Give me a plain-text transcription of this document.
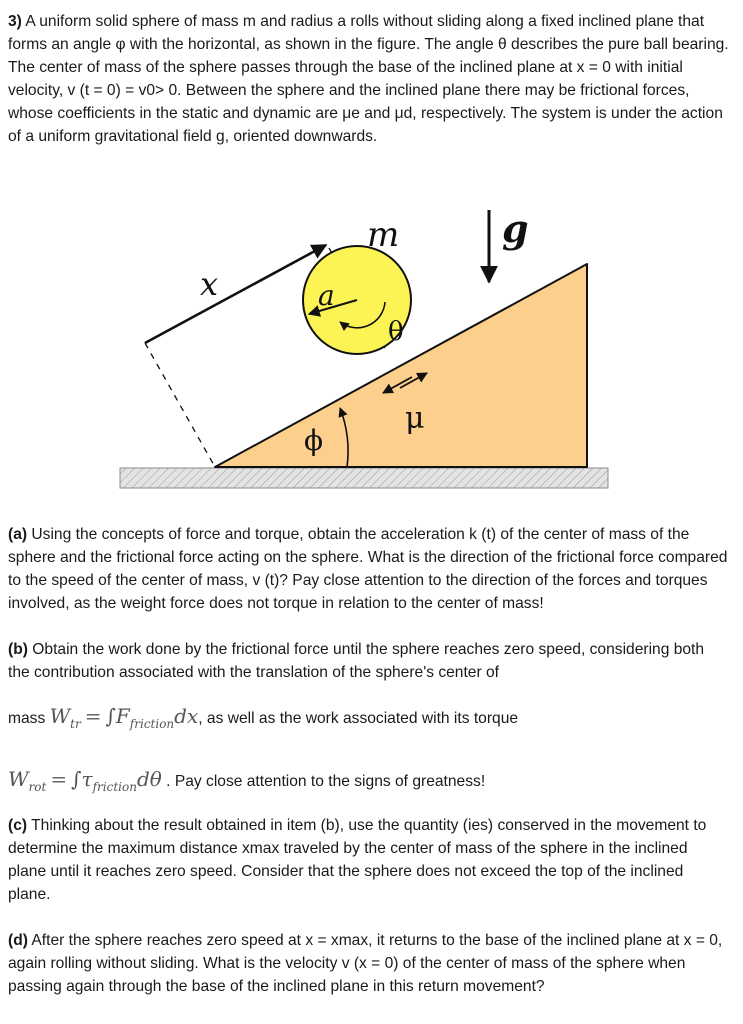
3) A uniform solid sphere of mass m and radius a rolls without sliding along a fixed inclined plane that forms an angle φ with the horizontal, as shown in the figure. The angle θ describes the pure ball bearing. The center of mass of the sphere passes through the base of the inclined plane at x = 0 with initial velocity, v (t = 0) = v0> 0. Between the sphere and the inclined plane there may be frictional forces, whose coefficients in the static and dynamic are μe and μd, respectively. The system is under the action of a uniform gravitational field g, oriented downwards.

x	a
θ
m	g
μ
ϕ

(a) Using the concepts of force and torque, obtain the acceleration k (t) of the center of mass of the sphere and the frictional force acting on the sphere. What is the direction of the frictional force compared to the speed of the center of mass, v (t)? Pay close attention to the direction of the forces and torques involved, as the weight force does not torque in relation to the center of mass!

(b) Obtain the work done by the frictional force until the sphere reaches zero speed, considering both the contribution associated with the translation of the sphere's center of

mass $W_{tr} = \int F_{friction}dx$, as well as the work associated with its torque
$W_{rot} = \int\tau_{friction}d\theta$ . Pay close attention to the signs of greatness!

(c) Thinking about the result obtained in item (b), use the quantity (ies) conserved in the movement to determine the maximum distance xmax traveled by the center of mass of the sphere in the inclined plane until it reaches zero speed. Consider that the sphere does not exceed the top of the inclined plane.

(d) After the sphere reaches zero speed at x = xmax, it returns to the base of the inclined plane at x = 0, again rolling without sliding. What is the velocity v (x = 0) of the center of mass of the sphere when passing again through the base of the inclined plane in this return movement?
